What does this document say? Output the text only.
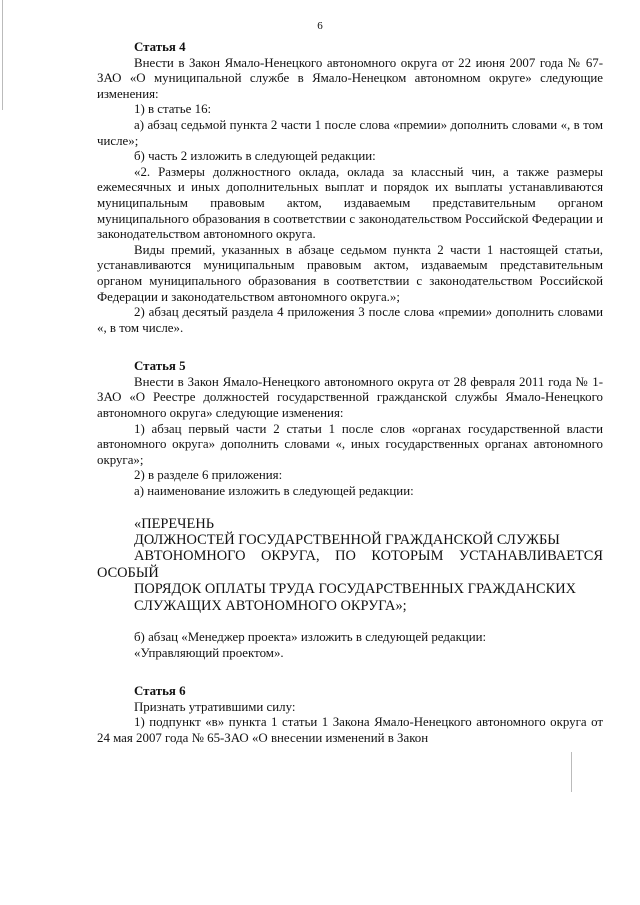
6

Статья 4

Внести в Закон Ямало-Ненецкого автономного округа от 22 июня 2007 года № 67-ЗАО «О муниципальной службе в Ямало-Ненецком автономном округе» следующие изменения:

1) в статье 16:

а) абзац седьмой пункта 2 части 1 после слова «премии» дополнить словами «, в том числе»;

б) часть 2 изложить в следующей редакции:

«2. Размеры должностного оклада, оклада за классный чин, а также размеры ежемесячных и иных дополнительных выплат и порядок их выплаты устанавливаются муниципальным правовым актом, издаваемым представительным органом муниципального образования в соответствии с законодательством Российской Федерации и законодательством автономного округа.

Виды премий, указанных в абзаце седьмом пункта 2 части 1 настоящей статьи, устанавливаются муниципальным правовым актом, издаваемым представительным органом муниципального образования в соответствии с законодательством Российской Федерации и законодательством автономного округа.»;

2) абзац десятый раздела 4 приложения 3 после слова «премии» дополнить словами «, в том числе».

Статья 5

Внести в Закон Ямало-Ненецкого автономного округа от 28 февраля 2011 года № 1-ЗАО «О Реестре должностей государственной гражданской службы Ямало-Ненецкого автономного округа» следующие изменения:

1) абзац первый части 2 статьи 1 после слов «органах государственной власти автономного округа» дополнить словами «, иных государственных органах автономного округа»;

2) в разделе 6 приложения:

а) наименование изложить в следующей редакции:

«ПЕРЕЧЕНЬ

ДОЛЖНОСТЕЙ ГОСУДАРСТВЕННОЙ ГРАЖДАНСКОЙ СЛУЖБЫ

АВТОНОМНОГО ОКРУГА, ПО КОТОРЫМ УСТАНАВЛИВАЕТСЯ ОСОБЫЙ

ПОРЯДОК ОПЛАТЫ ТРУДА ГОСУДАРСТВЕННЫХ ГРАЖДАНСКИХ

СЛУЖАЩИХ АВТОНОМНОГО ОКРУГА»;

б) абзац «Менеджер проекта» изложить в следующей редакции:

«Управляющий проектом».

Статья 6

Признать утратившими силу:

1) подпункт «в» пункта 1 статьи 1 Закона Ямало-Ненецкого автономного округа от 24 мая 2007 года № 65-ЗАО «О внесении изменений в Закон
